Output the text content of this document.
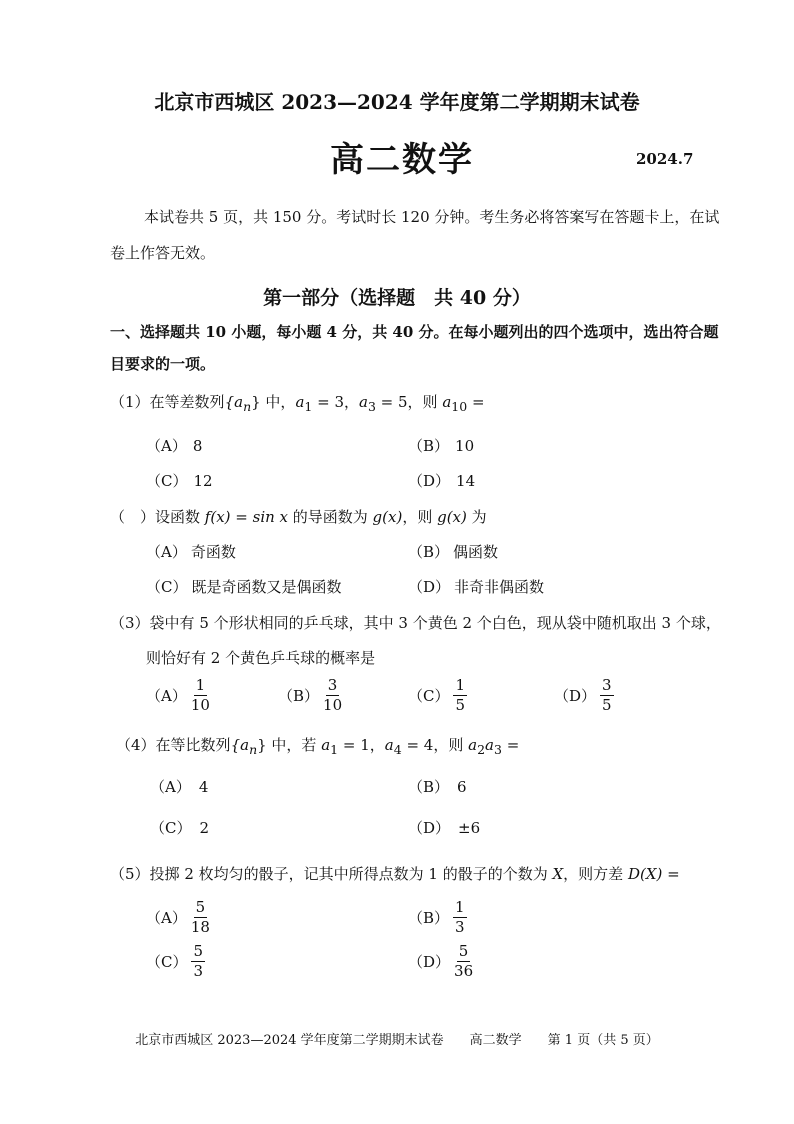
北京市西城区 2023—2024 学年度第二学期期末试卷
高二数学	2024.7
本试卷共 5 页，共 150 分。考试时长 120 分钟。考生务必将答案写在答题卡上，在试
卷上作答无效。
第一部分（选择题　共 40 分）
一、选择题共 10 小题，每小题 4 分，共 40 分。在每小题列出的四个选项中，选出符合题
目要求的一项。
（1）在等差数列$\{a_n\}$ 中，$a_1 = 3$，$a_3 = 5$，则 $a_{10}$ =
（A） 8	（B） 10
（C） 12	（D） 14
（　）设函数 f(x) = sin x 的导函数为 g(x)，则 g(x) 为
（A） 奇函数	（B） 偶函数
（C） 既是奇函数又是偶函数	（D） 非奇非偶函数
（3）袋中有 5 个形状相同的乒乓球，其中 3 个黄色 2 个白色，现从袋中随机取出 3 个球，
则恰好有 2 个黄色乒乓球的概率是
$(A) \frac{1}{10}$	$(B) \frac{3}{10}$	$(C) \frac{1}{5}$	$(D) \frac{3}{5}$
（4）在等比数列$\{a_n\}$ 中，若 $a_1 = 1$，$a_4 = 4$，则 $a_2a_3$ =
（A） 4	（B） 6
（C） 2	（D） ±6
（5）投掷 2 枚均匀的骰子，记其中所得点数为 1 的骰子的个数为 X，则方差 D(X) =
$(A) \frac{5}{18}$	$(B) \frac{1}{3}$
$(C) \frac{5}{3}$	$(D) \frac{5}{36}$
北京市西城区 2023—2024 学年度第二学期期末试卷　　高二数学　　第 1 页（共 5 页）
